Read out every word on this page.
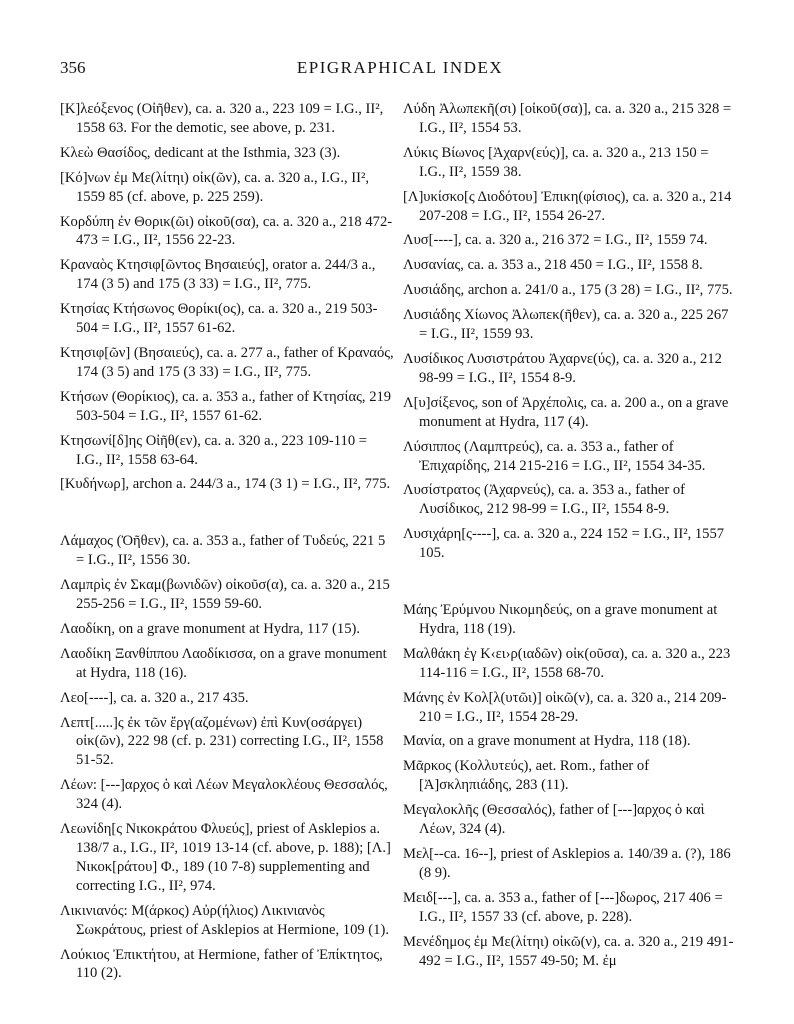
356	EPIGRAPHICAL INDEX

[Κ]λεόξενος (Οἰῆθεν), ca. a. 320 a., 223 109 = I.G., II², 1558 63. For the demotic, see above, p. 231.

Κλεὼ Θασίδος, dedicant at the Isthmia, 323 (3).

[Κό]νων ἐμ Με(λίτηι) οἰκ(ῶν), ca. a. 320 a., I.G., II², 1559 85 (cf. above, p. 225 259).

Κορδύπη ἐν Θορικ(ῶι) οἰκοῦ(σα), ca. a. 320 a., 218 472-473 = I.G., II², 1556 22-23.

Κραναὸς Κτησιφ[ῶντος Βησαιεύς], orator a. 244/3 a., 174 (3 5) and 175 (3 33) = I.G., II², 775.

Κτησίας Κτήσωνος Θορίκι(ος), ca. a. 320 a., 219 503-504 = I.G., II², 1557 61-62.

Κτησιφ[ῶν] (Βησαιεύς), ca. a. 277 a., father of Κραναός, 174 (3 5) and 175 (3 33) = I.G., II², 775.

Κτήσων (Θορίκιος), ca. a. 353 a., father of Κτησίας, 219 503-504 = I.G., II², 1557 61-62.

Κτησωνί[δ]ης Οἰῆθ(εν), ca. a. 320 a., 223 109-110 = I.G., II², 1558 63-64.

[Κυδήνωρ], archon a. 244/3 a., 174 (3 1) = I.G., II², 775.

Λάμαχος (Ὀῆθεν), ca. a. 353 a., father of Τυδεύς, 221 5 = I.G., II², 1556 30.

Λαμπρὶς ἐν Σκαμ(βωνιδῶν) οἰκοῦσ(α), ca. a. 320 a., 215 255-256 = I.G., II², 1559 59-60.

Λαοδίκη, on a grave monument at Hydra, 117 (15).

Λαοδίκη Ξανθίππου Λαοδίκισσα, on a grave monument at Hydra, 118 (16).

Λεο[----], ca. a. 320 a., 217 435.

Λεπτ[.....]ς ἐκ τῶν ἔργ(αζομένων) ἐπὶ Κυν(οσάργει) οἰκ(ῶν), 222 98 (cf. p. 231) correcting I.G., II², 1558 51-52.

Λέων: [---]αρχος ὁ καὶ Λέων Μεγαλοκλέους Θεσσαλός, 324 (4).

Λεωνίδη[ς Νικοκράτου Φλυεύς], priest of Asklepios a. 138/7 a., I.G., II², 1019 13-14 (cf. above, p. 188); [Λ.] Νικοκ[ράτου] Φ., 189 (10 7-8) supplementing and correcting I.G., II², 974.

Λικινιανός: Μ(άρκος) Αὐρ(ήλιος) Λικινιανὸς Σωκράτους, priest of Asklepios at Hermione, 109 (1).

Λούκιος Ἐπικτήτου, at Hermione, father of Ἐπίκτητος, 110 (2).

Λύδη Ἀλωπεκῆ(σι) [οἰκοῦ(σα)], ca. a. 320 a., 215 328 = I.G., II², 1554 53.

Λύκις Βίωνος [Ἀχαρν(εύς)], ca. a. 320 a., 213 150 = I.G., II², 1559 38.

[Λ]υκίσκο[ς Διοδότου] Ἐπικη(φίσιος), ca. a. 320 a., 214 207-208 = I.G., II², 1554 26-27.

Λυσ[----], ca. a. 320 a., 216 372 = I.G., II², 1559 74.

Λυσανίας, ca. a. 353 a., 218 450 = I.G., II², 1558 8.

Λυσιάδης, archon a. 241/0 a., 175 (3 28) = I.G., II², 775.

Λυσιάδης Χίωνος Ἀλωπεκ(ῆθεν), ca. a. 320 a., 225 267 = I.G., II², 1559 93.

Λυσίδικος Λυσιστράτου Ἀχαρνε(ύς), ca. a. 320 a., 212 98-99 = I.G., II², 1554 8-9.

Λ[υ]σίξενος, son of Ἀρχέπολις, ca. a. 200 a., on a grave monument at Hydra, 117 (4).

Λύσιππος (Λαμπτρεύς), ca. a. 353 a., father of Ἐπιχαρίδης, 214 215-216 = I.G., II², 1554 34-35.

Λυσίστρατος (Ἀχαρνεύς), ca. a. 353 a., father of Λυσίδικος, 212 98-99 = I.G., II², 1554 8-9.

Λυσιχάρη[ς----], ca. a. 320 a., 224 152 = I.G., II², 1557 105.

Μάης Ἐρύμνου Νικομηδεύς, on a grave monument at Hydra, 118 (19).

Μαλθάκη ἐγ Κ‹ει›ρ(ιαδῶν) οἰκ(οῦσα), ca. a. 320 a., 223 114-116 = I.G., II², 1558 68-70.

Μάνης ἐν Κολ[λ(υτῶι)] οἰκῶ(ν), ca. a. 320 a., 214 209-210 = I.G., II², 1554 28-29.

Μανία, on a grave monument at Hydra, 118 (18).

Μᾶρκος (Κολλυτεύς), aet. Rom., father of [Ἀ]σκληπιάδης, 283 (11).

Μεγαλοκλῆς (Θεσσαλός), father of [---]αρχος ὁ καὶ Λέων, 324 (4).

Μελ[--ca. 16--], priest of Asklepios a. 140/39 a. (?), 186 (8 9).

Μειδ[---], ca. a. 353 a., father of [---]δωρος, 217 406 = I.G., II², 1557 33 (cf. above, p. 228).

Μενέδημος ἐμ Με(λίτηι) οἰκῶ(ν), ca. a. 320 a., 219 491-492 = I.G., II², 1557 49-50; Μ. ἐμ
